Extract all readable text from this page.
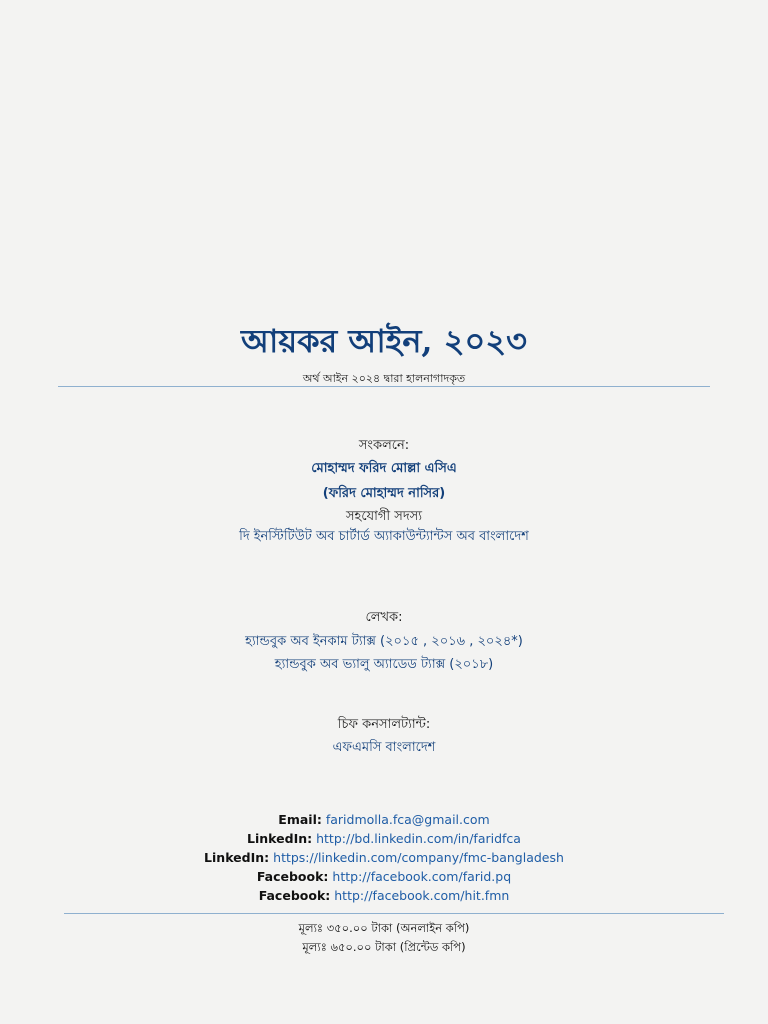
আয়কর আইন, ২০২৩
অর্থ আইন ২০২৪ দ্বারা হালনাগাদকৃত
সংকলনে:
মোহাম্মদ ফরিদ মোল্লা এসিএ
(ফরিদ মোহাম্মদ নাসির)
সহযোগী সদস্য
দি ইনস্টিটিউট অব চার্টার্ড অ্যাকাউন্ট্যান্টস অব বাংলাদেশ
লেখক:
হ্যান্ডবুক অব ইনকাম ট্যাক্স (২০১৫ , ২০১৬ , ২০২৪*)
হ্যান্ডবুক অব ভ্যালু অ্যাডেড ট্যাক্স (২০১৮)
চিফ কনসালট্যান্ট:
এফএমসি বাংলাদেশ
Email: faridmolla.fca@gmail.com
LinkedIn: http://bd.linkedin.com/in/faridfca
LinkedIn: https://linkedin.com/company/fmc-bangladesh
Facebook: http://facebook.com/farid.pq
Facebook: http://facebook.com/hit.fmn
মূল্যঃ ৩৫০.০০ টাকা (অনলাইন কপি)
মূল্যঃ ৬৫০.০০ টাকা (প্রিন্টেড কপি)
